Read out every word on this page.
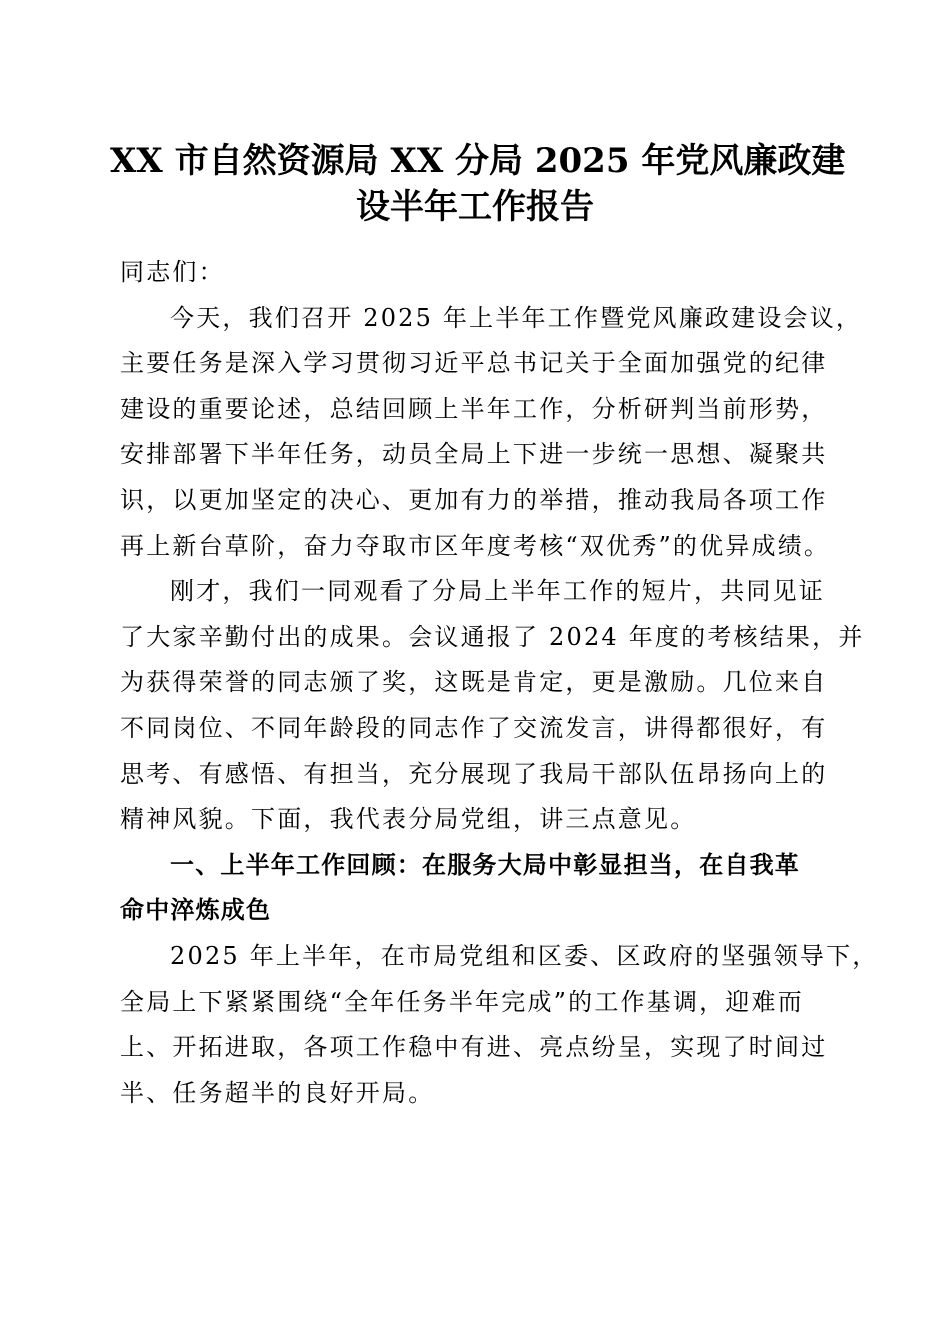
XX 市自然资源局 XX 分局 2025 年党风廉政建
设半年工作报告
同志们：
今天，我们召开 2025 年上半年工作暨党风廉政建设会议，
主要任务是深入学习贯彻习近平总书记关于全面加强党的纪律
建设的重要论述，总结回顾上半年工作，分析研判当前形势，
安排部署下半年任务，动员全局上下进一步统一思想、凝聚共
识，以更加坚定的决心、更加有力的举措，推动我局各项工作
再上新台草阶，奋力夺取市区年度考核“双优秀”的优异成绩。
刚才，我们一同观看了分局上半年工作的短片，共同见证
了大家辛勤付出的成果。会议通报了 2024 年度的考核结果，并
为获得荣誉的同志颁了奖，这既是肯定，更是激励。几位来自
不同岗位、不同年龄段的同志作了交流发言，讲得都很好，有
思考、有感悟、有担当，充分展现了我局干部队伍昂扬向上的
精神风貌。下面，我代表分局党组，讲三点意见。
一、上半年工作回顾：在服务大局中彰显担当，在自我革
命中淬炼成色
2025 年上半年，在市局党组和区委、区政府的坚强领导下，
全局上下紧紧围绕“全年任务半年完成”的工作基调，迎难而
上、开拓进取，各项工作稳中有进、亮点纷呈，实现了时间过
半、任务超半的良好开局。
